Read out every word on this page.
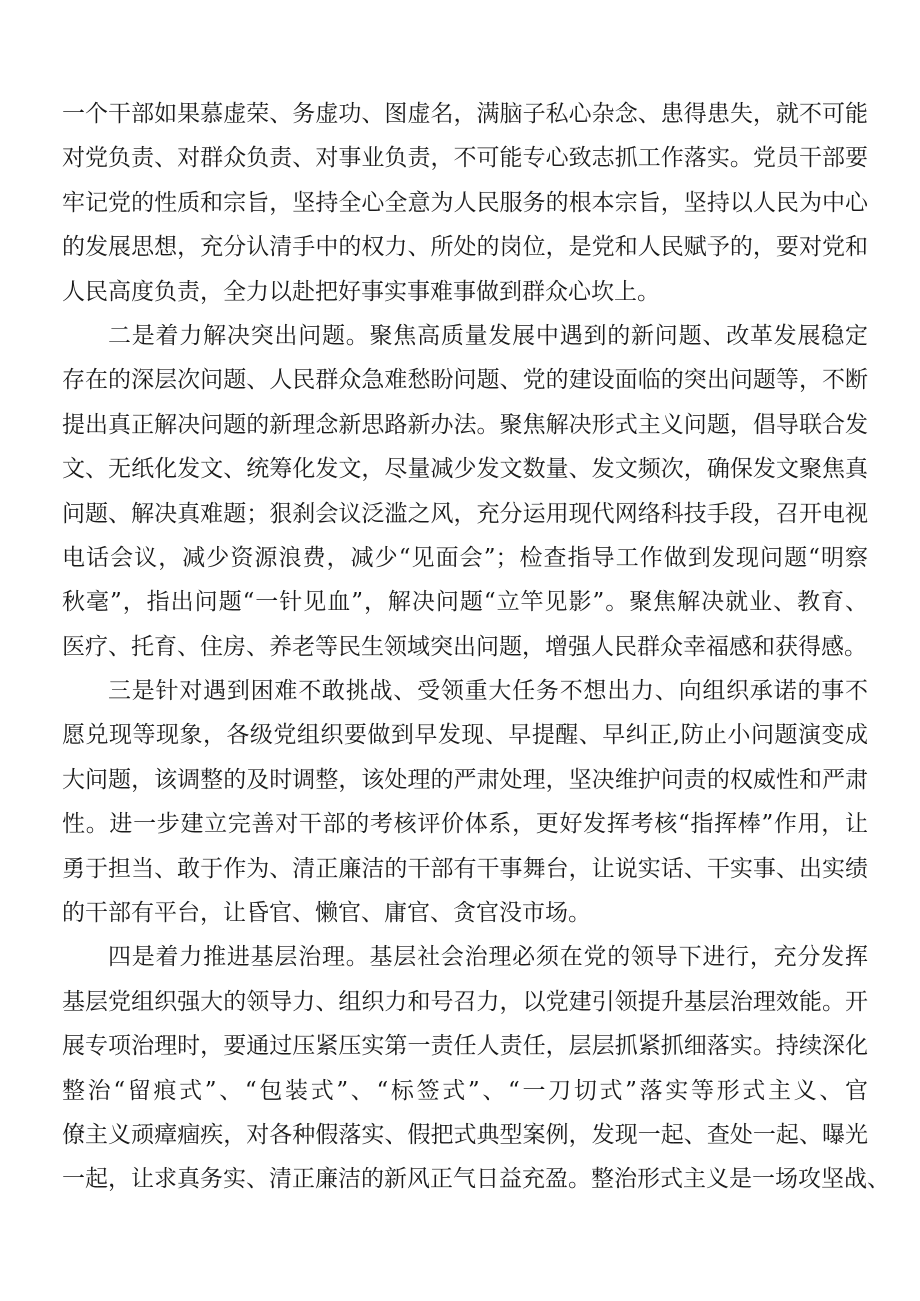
一个干部如果慕虚荣、务虚功、图虚名，满脑子私心杂念、患得患失，就不可能
对党负责、对群众负责、对事业负责，不可能专心致志抓工作落实。党员干部要
牢记党的性质和宗旨，坚持全心全意为人民服务的根本宗旨，坚持以人民为中心
的发展思想，充分认清手中的权力、所处的岗位，是党和人民赋予的，要对党和
人民高度负责，全力以赴把好事实事难事做到群众心坎上。
二是着力解决突出问题。聚焦高质量发展中遇到的新问题、改革发展稳定
存在的深层次问题、人民群众急难愁盼问题、党的建设面临的突出问题等，不断
提出真正解决问题的新理念新思路新办法。聚焦解决形式主义问题，倡导联合发
文、无纸化发文、统筹化发文，尽量减少发文数量、发文频次，确保发文聚焦真
问题、解决真难题；狠刹会议泛滥之风，充分运用现代网络科技手段，召开电视
电话会议，减少资源浪费，减少“见面会”；检查指导工作做到发现问题“明察
秋毫”，指出问题“一针见血”，解决问题“立竿见影”。聚焦解决就业、教育、
医疗、托育、住房、养老等民生领域突出问题，增强人民群众幸福感和获得感。
三是针对遇到困难不敢挑战、受领重大任务不想出力、向组织承诺的事不
愿兑现等现象，各级党组织要做到早发现、早提醒、早纠正,防止小问题演变成
大问题，该调整的及时调整，该处理的严肃处理，坚决维护问责的权威性和严肃
性。进一步建立完善对干部的考核评价体系，更好发挥考核“指挥棒”作用，让
勇于担当、敢于作为、清正廉洁的干部有干事舞台，让说实话、干实事、出实绩
的干部有平台，让昏官、懒官、庸官、贪官没市场。
四是着力推进基层治理。基层社会治理必须在党的领导下进行，充分发挥
基层党组织强大的领导力、组织力和号召力，以党建引领提升基层治理效能。开
展专项治理时，要通过压紧压实第一责任人责任，层层抓紧抓细落实。持续深化
整治“留痕式”、“包装式”、“标签式”、“一刀切式”落实等形式主义、官
僚主义顽瘴痼疾，对各种假落实、假把式典型案例，发现一起、查处一起、曝光
一起，让求真务实、清正廉洁的新风正气日益充盈。整治形式主义是一场攻坚战、
